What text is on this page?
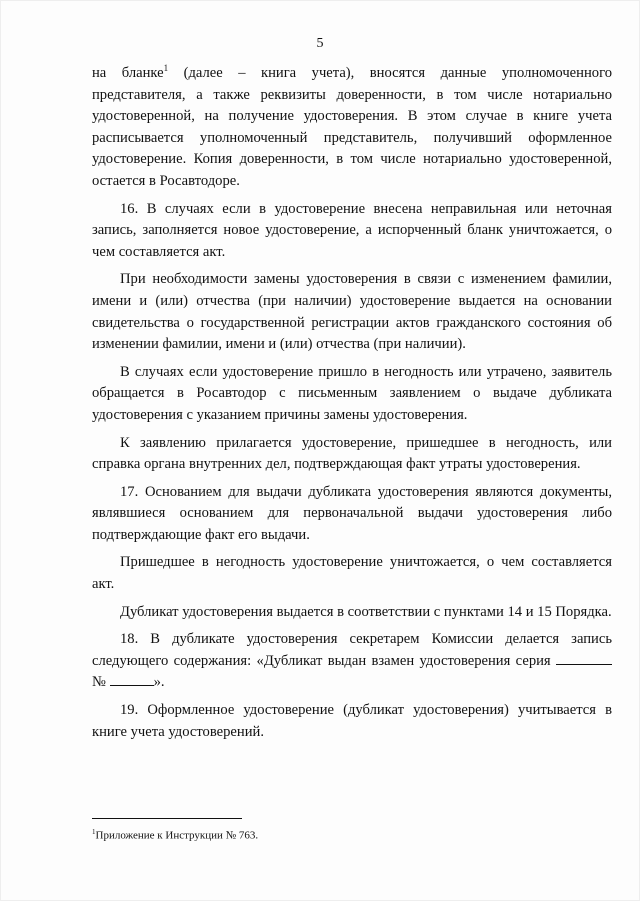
5

на бланке$^1$ (далее – книга учета), вносятся данные уполномоченного представителя, а также реквизиты доверенности, в том числе нотариально удостоверенной, на получение удостоверения. В этом случае в книге учета расписывается уполномоченный представитель, получивший оформленное удостоверение. Копия доверенности, в том числе нотариально удостоверенной, остается в Росавтодоре.

16. В случаях если в удостоверение внесена неправильная или неточная запись, заполняется новое удостоверение, а испорченный бланк уничтожается, о чем составляется акт.

При необходимости замены удостоверения в связи с изменением фамилии, имени и (или) отчества (при наличии) удостоверение выдается на основании свидетельства о государственной регистрации актов гражданского состояния об изменении фамилии, имени и (или) отчества (при наличии).

В случаях если удостоверение пришло в негодность или утрачено, заявитель обращается в Росавтодор с письменным заявлением о выдаче дубликата удостоверения с указанием причины замены удостоверения.

К заявлению прилагается удостоверение, пришедшее в негодность, или справка органа внутренних дел, подтверждающая факт утраты удостоверения.

17. Основанием для выдачи дубликата удостоверения являются документы, являвшиеся основанием для первоначальной выдачи удостоверения либо подтверждающие факт его выдачи.

Пришедшее в негодность удостоверение уничтожается, о чем составляется акт.

Дубликат удостоверения выдается в соответствии с пунктами 14 и 15 Порядка.

18. В дубликате удостоверения секретарем Комиссии делается запись следующего содержания: «Дубликат выдан взамен удостоверения серия  №	».

19. Оформленное удостоверение (дубликат удостоверения) учитывается в книге учета удостоверений.

$^1$Приложение к Инструкции № 763.
